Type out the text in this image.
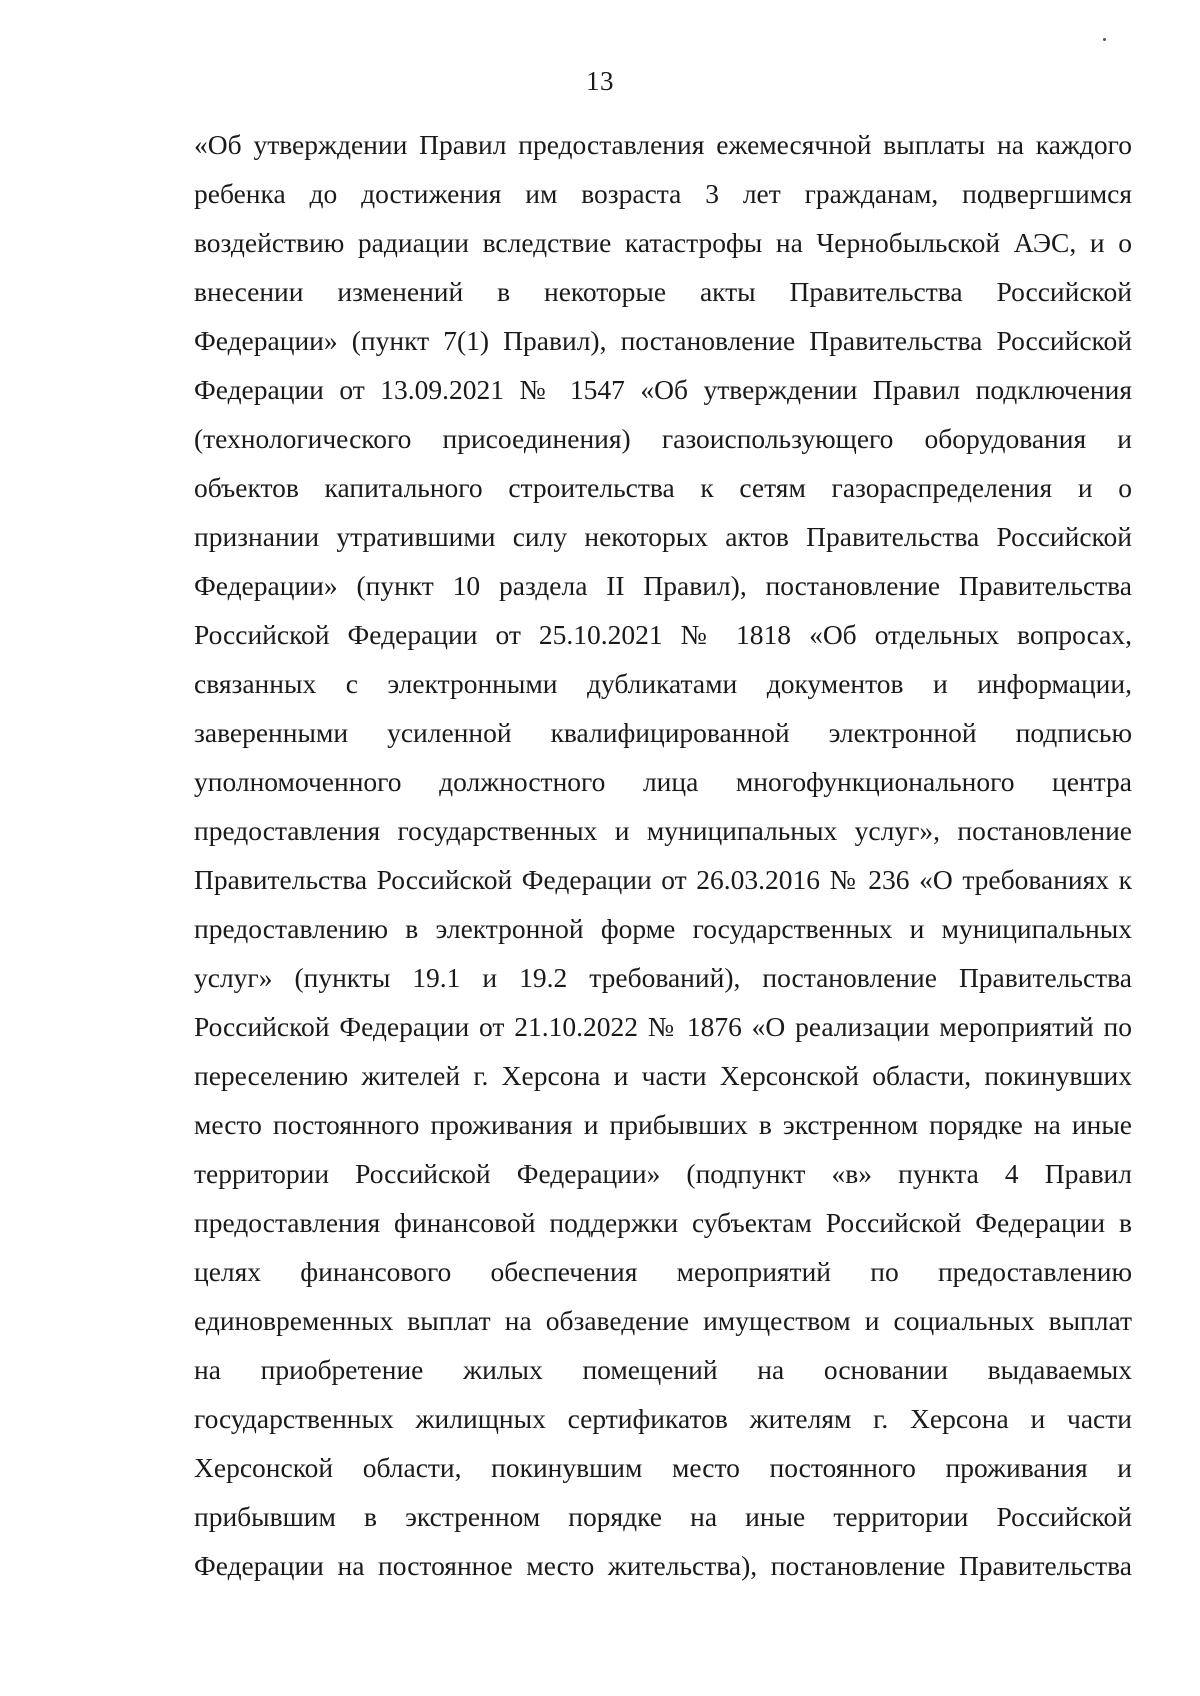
13
«Об утверждении Правил предоставления ежемесячной выплаты на каждого
ребенка до достижения им возраста 3 лет гражданам, подвергшимся
воздействию радиации вследствие катастрофы на Чернобыльской АЭС, и о
внесении изменений в некоторые акты Правительства Российской
Федерации» (пункт 7(1) Правил), постановление Правительства Российской
Федерации от 13.09.2021 № 1547 «Об утверждении Правил подключения
(технологического присоединения) газоиспользующего оборудования и
объектов капитального строительства к сетям газораспределения и о
признании утратившими силу некоторых актов Правительства Российской
Федерации» (пункт 10 раздела II Правил), постановление Правительства
Российской Федерации от 25.10.2021 № 1818 «Об отдельных вопросах,
связанных с электронными дубликатами документов и информации,
заверенными усиленной квалифицированной электронной подписью
уполномоченного должностного лица многофункционального центра
предоставления государственных и муниципальных услуг», постановление
Правительства Российской Федерации от 26.03.2016 № 236 «О требованиях к
предоставлению в электронной форме государственных и муниципальных
услуг» (пункты 19.1 и 19.2 требований), постановление Правительства
Российской Федерации от 21.10.2022 № 1876 «О реализации мероприятий по
переселению жителей г. Херсона и части Херсонской области, покинувших
место постоянного проживания и прибывших в экстренном порядке на иные
территории Российской Федерации» (подпункт «в» пункта 4 Правил
предоставления финансовой поддержки субъектам Российской Федерации в
целях финансового обеспечения мероприятий по предоставлению
единовременных выплат на обзаведение имуществом и социальных выплат
на приобретение жилых помещений на основании выдаваемых
государственных жилищных сертификатов жителям г. Херсона и части
Херсонской области, покинувшим место постоянного проживания и
прибывшим в экстренном порядке на иные территории Российской
Федерации на постоянное место жительства), постановление Правительства
